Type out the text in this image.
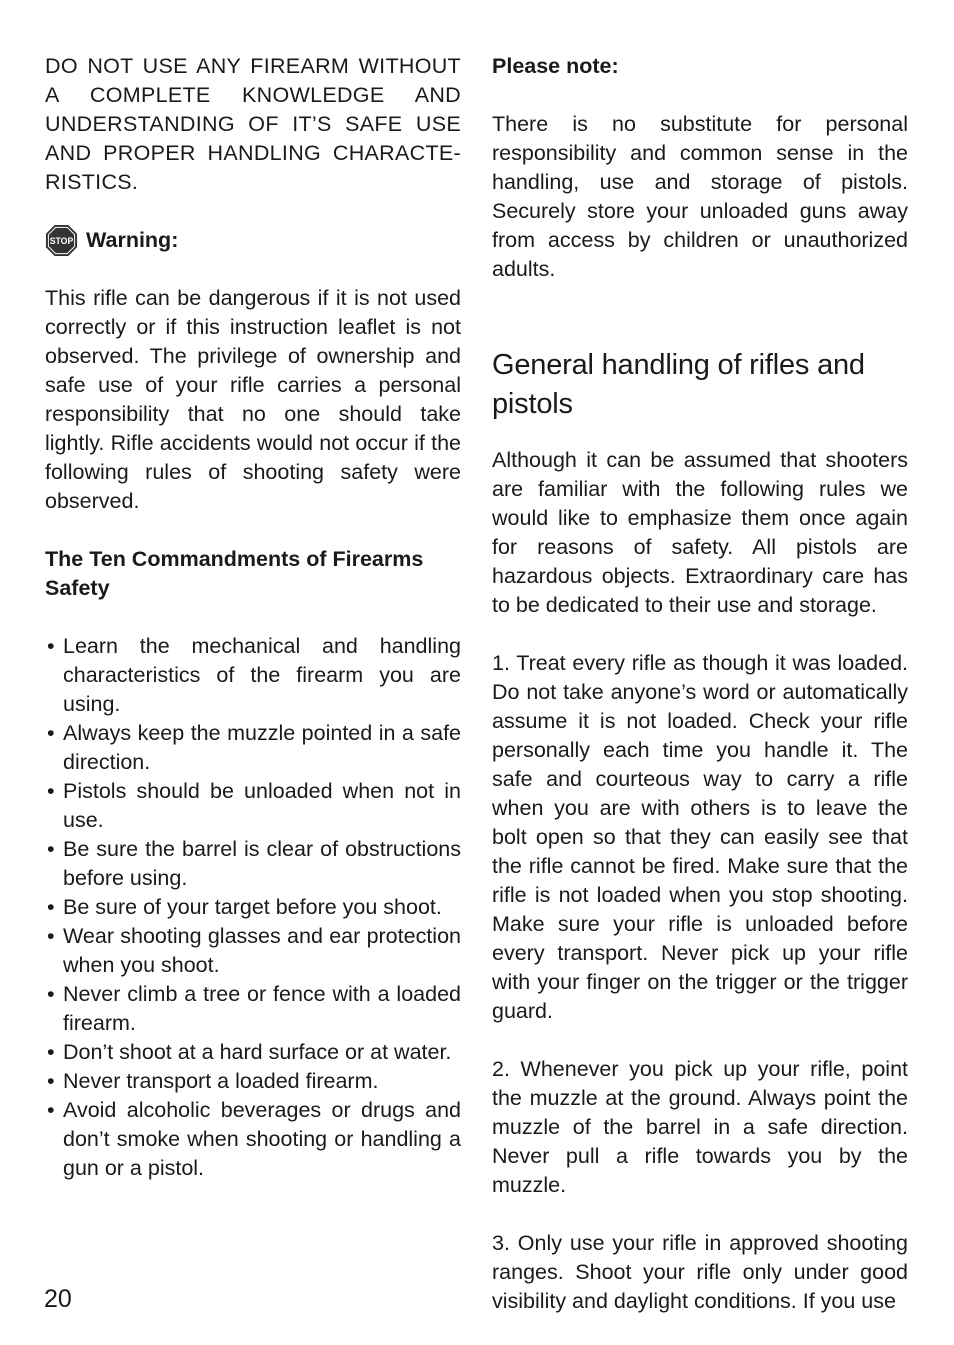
DO NOT USE ANY FIREARM WITHOUT A COMPLETE KNOWLEDGE AND UNDERSTANDING OF IT’S SAFE USE AND PROPER HANDLING CHARACTE-RISTICS.

STOP Warning:

This rifle can be dangerous if it is not used correctly or if this instruction leaflet is not observed. The privilege of ownership and safe use of your rifle carries a personal responsibility that no one should take lightly. Rifle accidents would not occur if the following rules of shooting safety were observed.

The Ten Commandments of Firearms Safety

• Learn the mechanical and handling characteristics of the firearm you are using.
• Always keep the muzzle pointed in a safe direction.
• Pistols should be unloaded when not in use.
• Be sure the barrel is clear of obstructions before using.
• Be sure of your target before you shoot.
• Wear shooting glasses and ear protection when you shoot.
• Never climb a tree or fence with a loaded firearm.
• Don’t shoot at a hard surface or at water.
• Never transport a loaded firearm.
• Avoid alcoholic beverages or drugs and don’t smoke when shooting or handling a gun or a pistol.

Please note:

There is no substitute for personal responsibility and common sense in the handling, use and storage of pistols. Securely store your unloaded guns away from access by children or unauthorized adults.

General handling of rifles and pistols

Although it can be assumed that shooters are familiar with the following rules we would like to emphasize them once again for reasons of safety. All pistols are hazardous objects. Extraordinary care has to be dedicated to their use and storage.

1. Treat every rifle as though it was loaded. Do not take anyone’s word or automatically assume it is not loaded. Check your rifle personally each time you handle it. The safe and courteous way to carry a rifle when you are with others is to leave the bolt open so that they can easily see that the rifle cannot be fired. Make sure that the rifle is not loaded when you stop shooting. Make sure your rifle is unloaded before every transport. Never pick up your rifle with your finger on the trigger or the trigger guard.

2. Whenever you pick up your rifle, point the muzzle at the ground. Always point the muzzle of the barrel in a safe direction. Never pull a rifle towards you by the muzzle.

3. Only use your rifle in approved shooting ranges. Shoot your rifle only under good visibility and daylight conditions. If you use

20
